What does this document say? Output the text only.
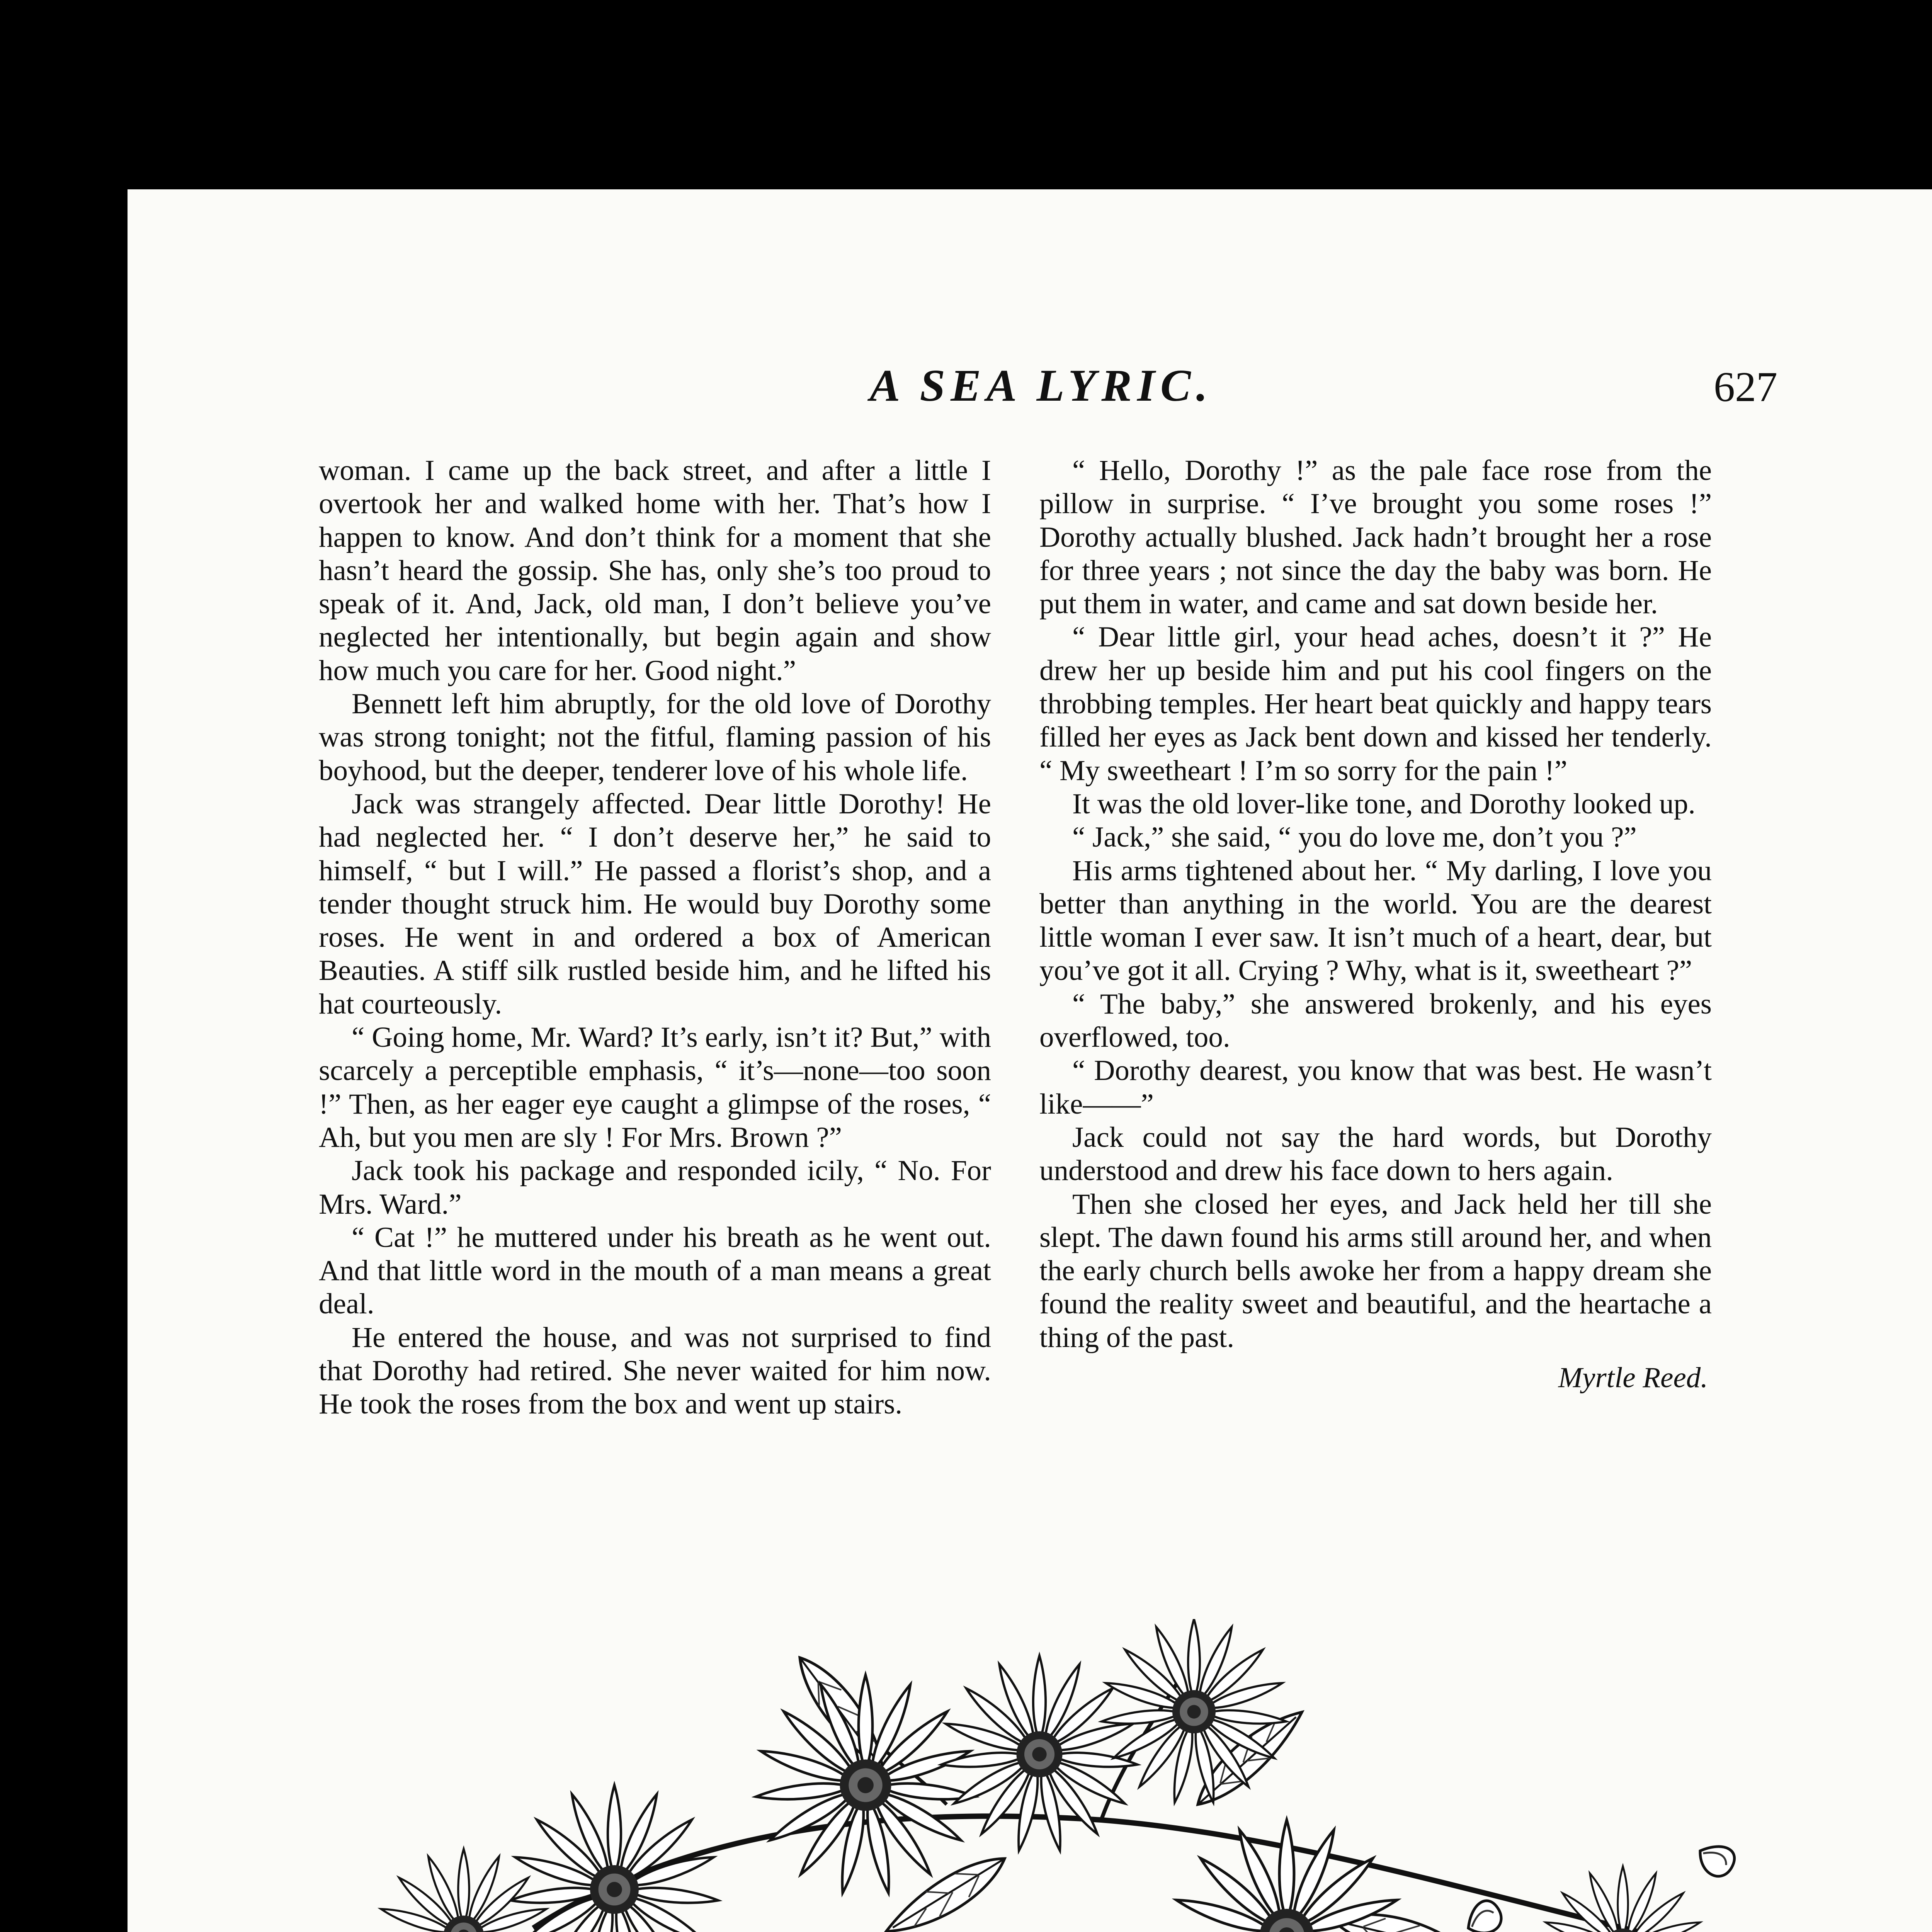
A SEA LYRIC.	627

woman. I came up the back street, and after a little I overtook her and walked home with her. That’s how I happen to know. And don’t think for a moment that she hasn’t heard the gossip. She has, only she’s too proud to speak of it. And, Jack, old man, I don’t believe you’ve neglected her intentionally, but begin again and show how much you care for her. Good night.”

Bennett left him abruptly, for the old love of Dorothy was strong tonight; not the fitful, flaming passion of his boyhood, but the deeper, tenderer love of his whole life.

Jack was strangely affected. Dear little Dorothy! He had neglected her. “ I don’t deserve her,” he said to himself, “ but I will.” He passed a florist’s shop, and a tender thought struck him. He would buy Dorothy some roses. He went in and ordered a box of American Beauties. A stiff silk rustled beside him, and he lifted his hat courteously.

“ Going home, Mr. Ward? It’s early, isn’t it? But,” with scarcely a perceptible emphasis, “ it’s—none—too soon !” Then, as her eager eye caught a glimpse of the roses, “ Ah, but you men are sly ! For Mrs. Brown ?”

Jack took his package and responded icily, “ No. For Mrs. Ward.”

“ Cat !” he muttered under his breath as he went out. And that little word in the mouth of a man means a great deal.

He entered the house, and was not surprised to find that Dorothy had retired. She never waited for him now. He took the roses from the box and went up stairs.

“ Hello, Dorothy !” as the pale face rose from the pillow in surprise. “ I’ve brought you some roses !” Dorothy actually blushed. Jack hadn’t brought her a rose for three years ; not since the day the baby was born. He put them in water, and came and sat down beside her.

“ Dear little girl, your head aches, doesn’t it ?” He drew her up beside him and put his cool fingers on the throbbing temples. Her heart beat quickly and happy tears filled her eyes as Jack bent down and kissed her tenderly. “ My sweetheart ! I’m so sorry for the pain !”

It was the old lover-like tone, and Dorothy looked up.

“ Jack,” she said, “ you do love me, don’t you ?”

His arms tightened about her. “ My darling, I love you better than anything in the world. You are the dearest little woman I ever saw. It isn’t much of a heart, dear, but you’ve got it all. Crying ? Why, what is it, sweetheart ?”

“ The baby,” she answered brokenly, and his eyes overflowed, too.

“ Dorothy dearest, you know that was best. He wasn’t like——”

Jack could not say the hard words, but Dorothy understood and drew his face down to hers again.

Then she closed her eyes, and Jack held her till she slept. The dawn found his arms still around her, and when the early church bells awoke her from a happy dream she found the reality sweet and beautiful, and the heartache a thing of the past.

Myrtle Reed.
